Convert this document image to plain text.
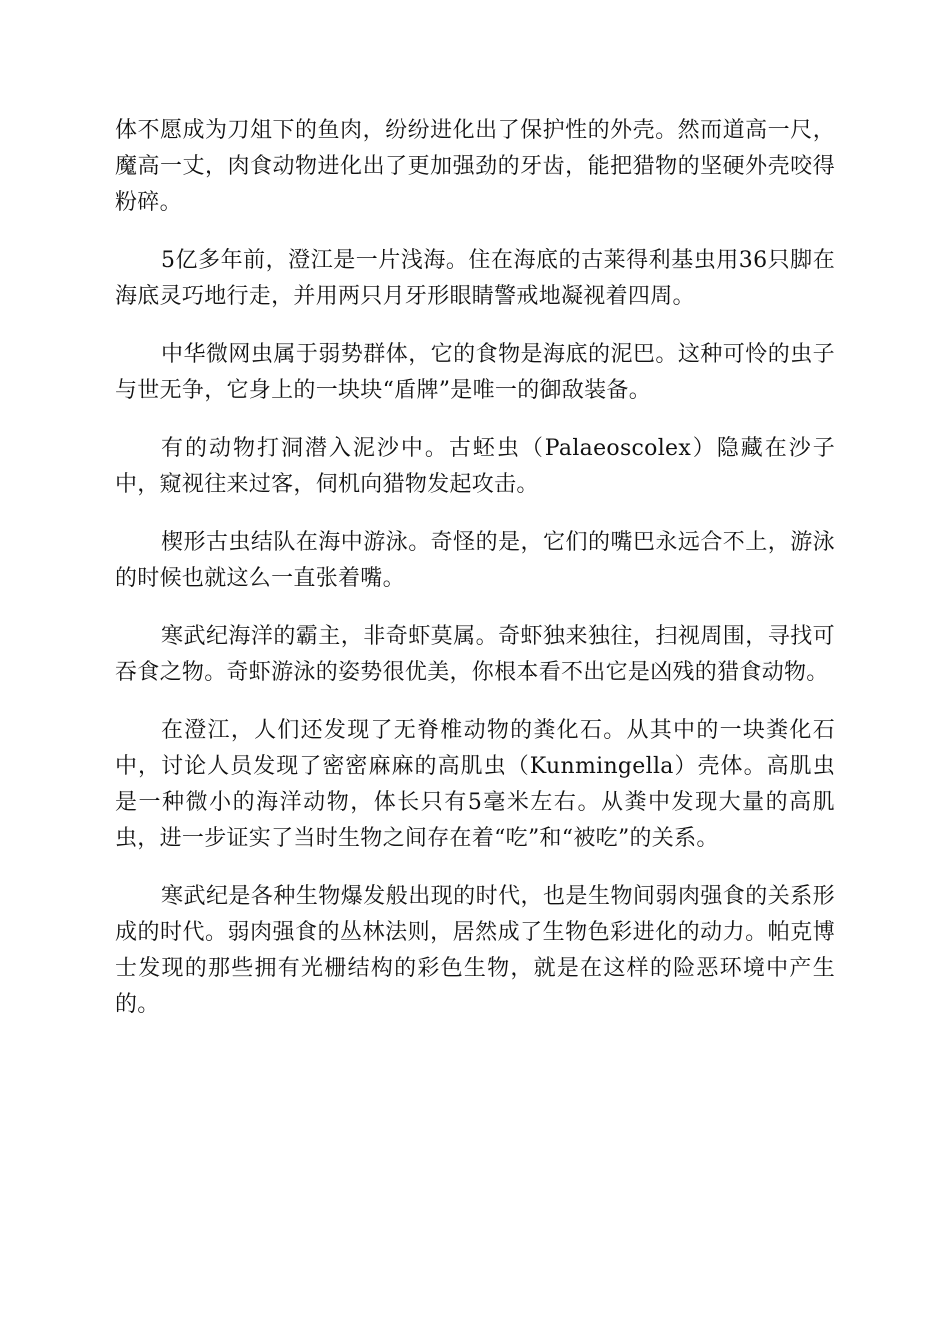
体不愿成为刀俎下的鱼肉，纷纷进化出了保护性的外壳。然而道高一尺，魔高一丈，肉食动物进化出了更加强劲的牙齿，能把猎物的坚硬外壳咬得粉碎。

5亿多年前，澄江是一片浅海。住在海底的古莱得利基虫用36只脚在海底灵巧地行走，并用两只月牙形眼睛警戒地凝视着四周。

中华微网虫属于弱势群体，它的食物是海底的泥巴。这种可怜的虫子与世无争，它身上的一块块“盾牌”是唯一的御敌装备。

有的动物打洞潜入泥沙中。古蚽虫（Palaeoscolex）隐藏在沙子中，窥视往来过客，伺机向猎物发起攻击。

楔形古虫结队在海中游泳。奇怪的是，它们的嘴巴永远合不上，游泳的时候也就这么一直张着嘴。

寒武纪海洋的霸主，非奇虾莫属。奇虾独来独往，扫视周围，寻找可吞食之物。奇虾游泳的姿势很优美，你根本看不出它是凶残的猎食动物。

在澄江，人们还发现了无脊椎动物的粪化石。从其中的一块粪化石中，讨论人员发现了密密麻麻的高肌虫（Kunmingella）壳体。高肌虫是一种微小的海洋动物，体长只有5毫米左右。从粪中发现大量的高肌虫，进一步证实了当时生物之间存在着“吃”和“被吃”的关系。

寒武纪是各种生物爆发般出现的时代，也是生物间弱肉强食的关系形成的时代。弱肉强食的丛林法则，居然成了生物色彩进化的动力。帕克博士发现的那些拥有光栅结构的彩色生物，就是在这样的险恶环境中产生的。
